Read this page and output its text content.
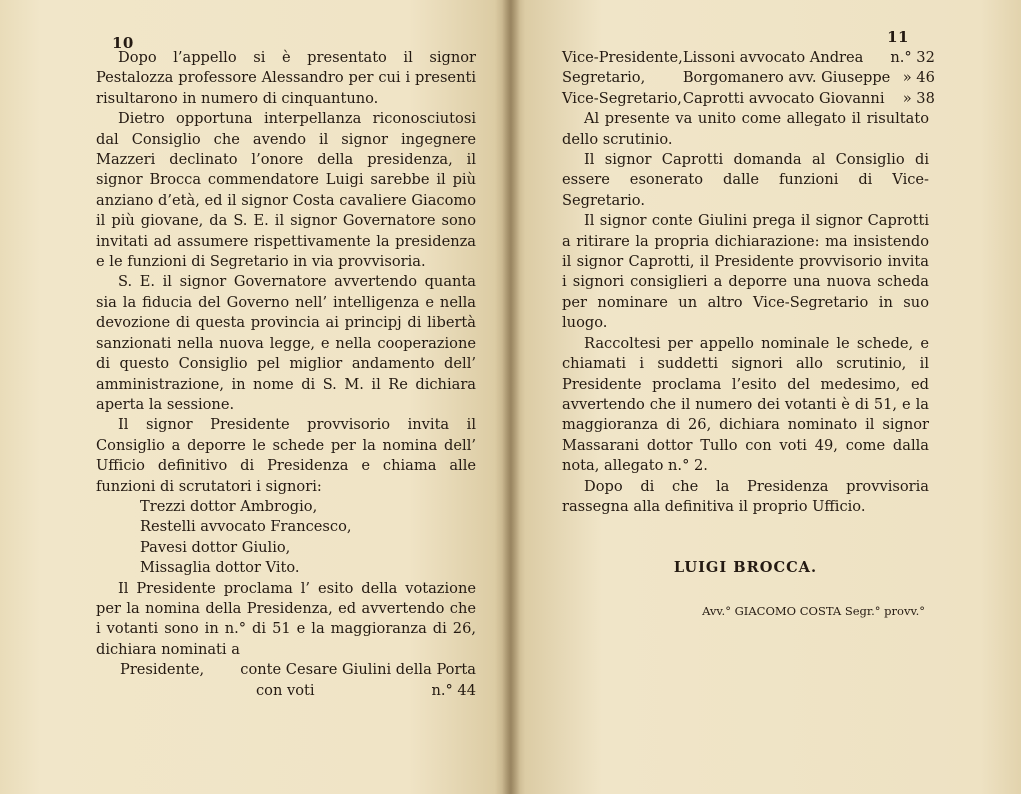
10

Dopo l’appello si è presentato il signor Pestalozza professore Alessandro per cui i presenti risultarono in numero di cinquantuno.

Dietro opportuna interpellanza riconosciutosi dal Consiglio che avendo il signor ingegnere Mazzeri declinato l’onore della presidenza, il signor Brocca commendatore Luigi sarebbe il più anziano d’età, ed il signor Costa cavaliere Giacomo il più giovane, da S. E. il signor Governatore sono invitati ad assumere rispettivamente la presidenza e le funzioni di Segretario in via provvisoria.

S. E. il signor Governatore avvertendo quanta sia la fiducia del Governo nell’ intelligenza e nella devozione di questa provincia ai principj di libertà sanzionati nella nuova legge, e nella cooperazione di questo Consiglio pel miglior andamento dell’ amministrazione, in nome di S. M. il Re dichiara aperta la sessione.

Il signor Presidente provvisorio invita il Consiglio a deporre le schede per la nomina dell’ Ufficio definitivo di Presidenza e chiama alle funzioni di scrutatori i signori:

Trezzi dottor Ambrogio,
Restelli avvocato Francesco,
Pavesi dottor Giulio,
Missaglia dottor Vito.

Il Presidente proclama l’ esito della votazione per la nomina della Presidenza, ed avvertendo che i votanti sono in n.° di 51 e la maggioranza di 26, dichiara nominati a

Presidente, conte Cesare Giulini della Porta
con voti	n.° 44
11
Vice-Presidente,	Lissoni avvocato Andrea	n.° 32
Segretario,	Borgomanero avv. Giuseppe	» 46
Vice-Segretario,	Caprotti avvocato Giovanni	» 38

Al presente va unito come allegato il risultato dello scrutinio.

Il signor Caprotti domanda al Consiglio di essere esonerato dalle funzioni di Vice-Segretario.

Il signor conte Giulini prega il signor Caprotti a ritirare la propria dichiarazione: ma insistendo il signor Caprotti, il Presidente provvisorio invita i signori consiglieri a deporre una nuova scheda per nominare un altro Vice-Segretario in suo luogo.

Raccoltesi per appello nominale le schede, e chiamati i suddetti signori allo scrutinio, il Presidente proclama l’esito del medesimo, ed avvertendo che il numero dei votanti è di 51, e la maggioranza di 26, dichiara nominato il signor Massarani dottor Tullo con voti 49, come dalla nota, allegato n.° 2.

Dopo di che la Presidenza provvisoria rassegna alla definitiva il proprio Ufficio.

LUIGI BROCCA.
Avv.° GIACOMO COSTA Segr.° provv.°
